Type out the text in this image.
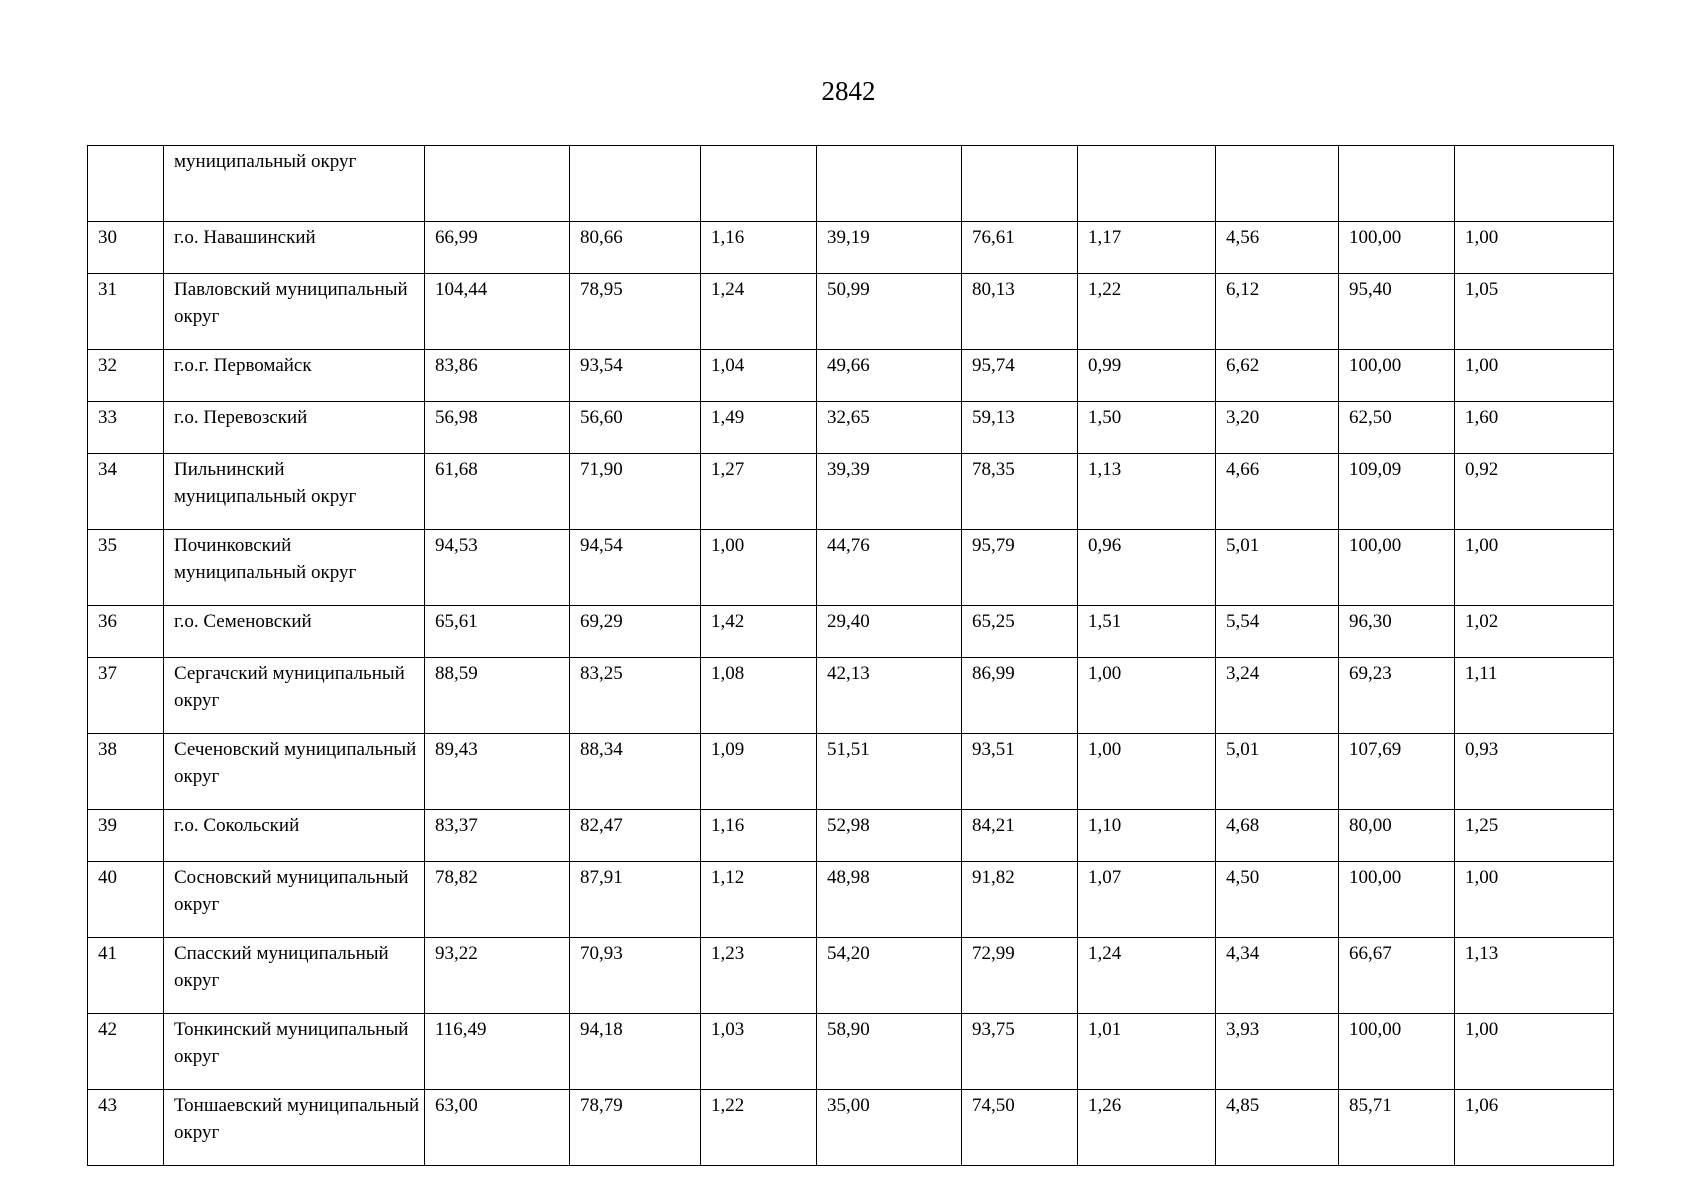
2842
	муниципальный округ									
30	г.о. Навашинский	66,99	80,66	1,16	39,19	76,61	1,17	4,56	100,00	1,00
31	Павловский муниципальный округ	104,44	78,95	1,24	50,99	80,13	1,22	6,12	95,40	1,05
32	г.о.г. Первомайск	83,86	93,54	1,04	49,66	95,74	0,99	6,62	100,00	1,00
33	г.о. Перевозский	56,98	56,60	1,49	32,65	59,13	1,50	3,20	62,50	1,60
34	Пильнинский муниципальный округ	61,68	71,90	1,27	39,39	78,35	1,13	4,66	109,09	0,92
35	Починковский муниципальный округ	94,53	94,54	1,00	44,76	95,79	0,96	5,01	100,00	1,00
36	г.о. Семеновский	65,61	69,29	1,42	29,40	65,25	1,51	5,54	96,30	1,02
37	Сергачский муниципальный округ	88,59	83,25	1,08	42,13	86,99	1,00	3,24	69,23	1,11
38	Сеченовский муниципальный округ	89,43	88,34	1,09	51,51	93,51	1,00	5,01	107,69	0,93
39	г.о. Сокольский	83,37	82,47	1,16	52,98	84,21	1,10	4,68	80,00	1,25
40	Сосновский муниципальный округ	78,82	87,91	1,12	48,98	91,82	1,07	4,50	100,00	1,00
41	Спасский муниципальный округ	93,22	70,93	1,23	54,20	72,99	1,24	4,34	66,67	1,13
42	Тонкинский муниципальный округ	116,49	94,18	1,03	58,90	93,75	1,01	3,93	100,00	1,00
43	Тоншаевский муниципальный округ	63,00	78,79	1,22	35,00	74,50	1,26	4,85	85,71	1,06
